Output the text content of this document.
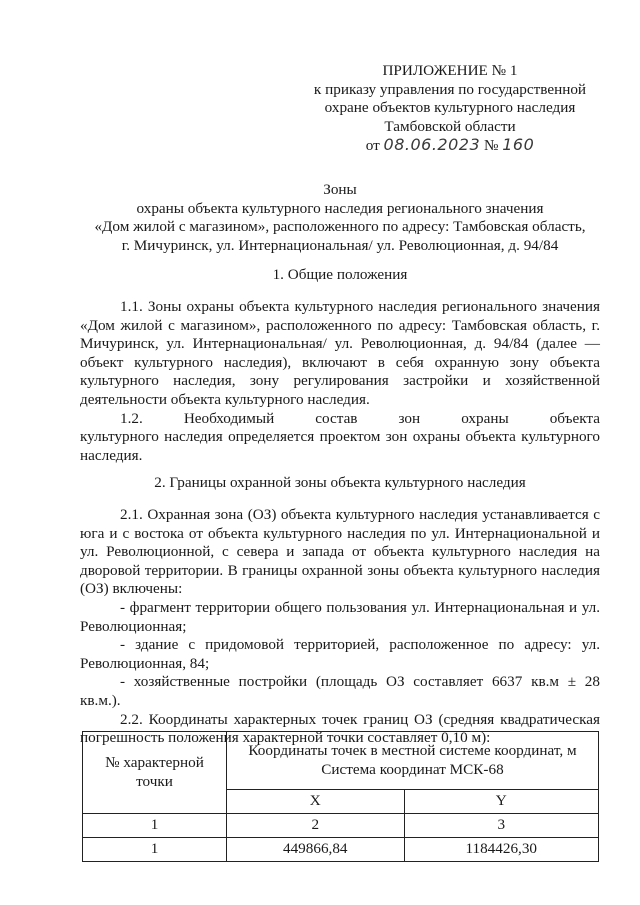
ПРИЛОЖЕНИЕ № 1
к приказу управления по государственной
охране объектов культурного наследия
Тамбовской области
от 08.06.2023 № 160
Зоны
охраны объекта культурного наследия регионального значения
«Дом жилой с магазином», расположенного по адресу: Тамбовская область,
г. Мичуринск, ул. Интернациональная/ ул. Революционная, д. 94/84
1. Общие положения

1.1. Зоны охраны объекта культурного наследия регионального значения «Дом жилой с магазином», расположенного по адресу: Тамбовская область, г. Мичуринск, ул. Интернациональная/ ул. Революционная, д. 94/84 (далее — объект культурного наследия), включают в себя охранную зону объекта культурного наследия, зону регулирования застройки и хозяйственной деятельности объекта культурного наследия.

1.2. Необходимый состав зон охраны объекта

культурного наследия определяется проектом зон охраны объекта культурного наследия.

2. Границы охранной зоны объекта культурного наследия

2.1. Охранная зона (ОЗ) объекта культурного наследия устанавливается с юга и с востока от объекта культурного наследия по ул. Интернациональной и ул. Революционной, с севера и запада от объекта культурного наследия на дворовой территории. В границы охранной зоны объекта культурного наследия (ОЗ) включены:

- фрагмент территории общего пользования ул. Интернациональная и ул. Революционная;

- здание с придомовой территорией, расположенное по адресу: ул. Революционная, 84;

- хозяйственные постройки (площадь ОЗ составляет 6637 кв.м ± 28 кв.м.).

2.2. Координаты характерных точек границ ОЗ (средняя квадратическая погрешность положения характерной точки составляет 0,10 м):

№ характерной точки	Координаты точек в местной системе координат, м
Система координат МСК-68	

	X	Y
1	2	3
1	449866,84	1184426,30
